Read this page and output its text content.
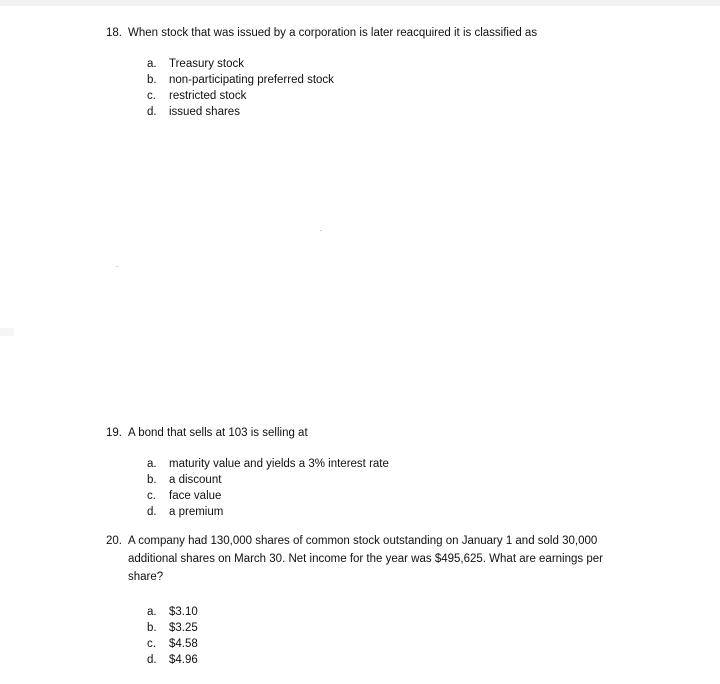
18. When stock that was issued by a corporation is later reacquired it is classified as
a.	Treasury stock
b.	non-participating preferred stock
c.	restricted stock
d.	issued shares
19. A bond that sells at 103 is selling at
a.	maturity value and yields a 3% interest rate
b.	a discount
c.	face value
d.	a premium
20. A company had 130,000 shares of common stock outstanding on January 1 and sold 30,000 additional shares on March 30. Net income for the year was $495,625. What are earnings per share?
a.	$3.10
b.	$3.25
c.	$4.58
d.	$4.96
